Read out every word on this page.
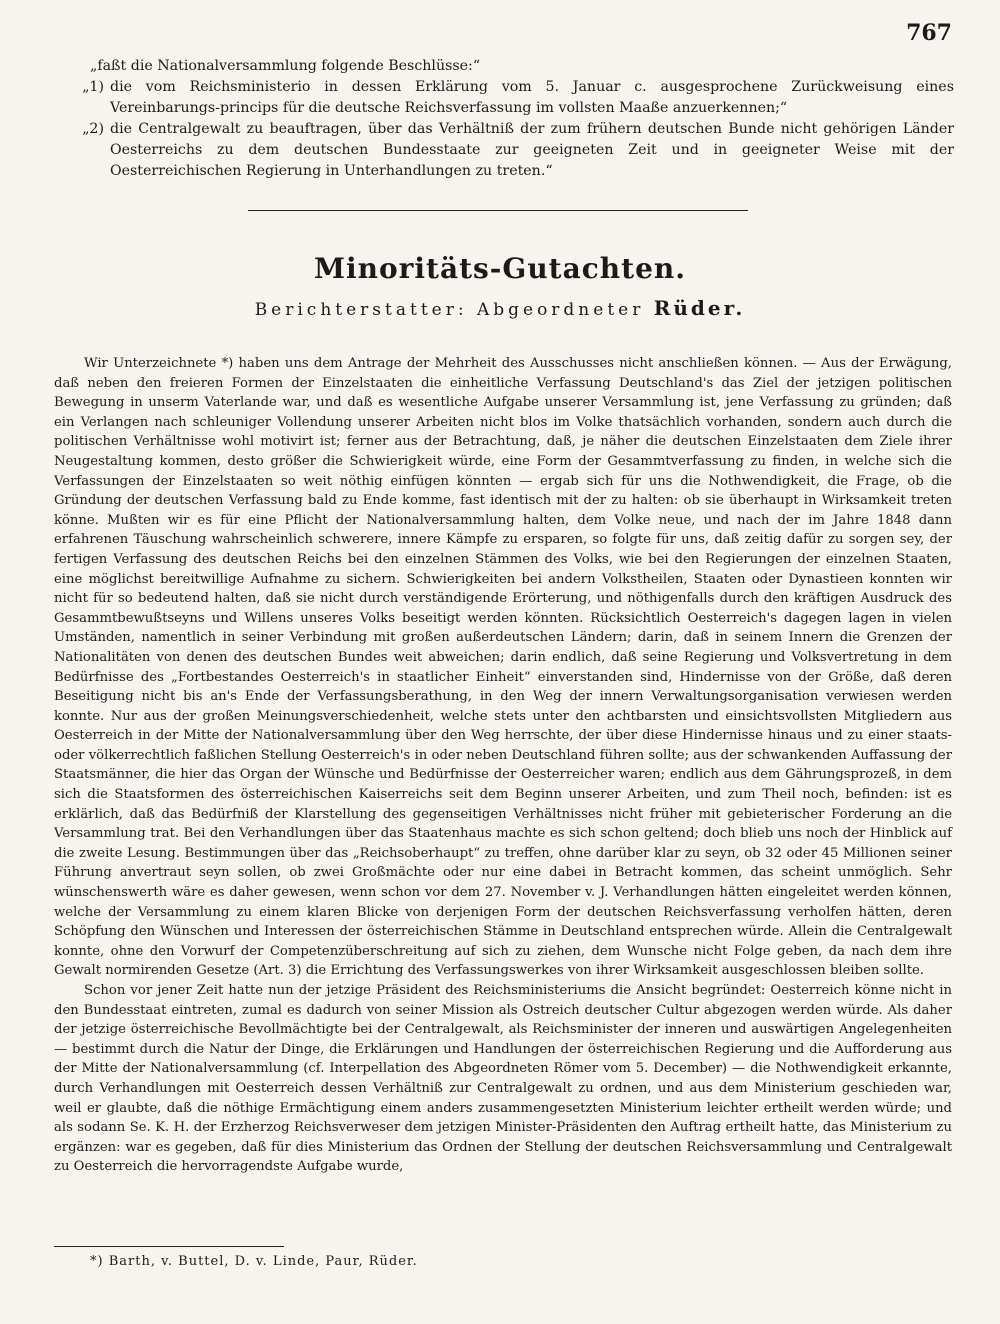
767

„faßt die Nationalversammlung folgende Beschlüsse:“

„1) die vom Reichsministerio in dessen Erklärung vom 5. Januar c. ausgesprochene Zurückweisung eines Vereinbarungs-princips für die deutsche Reichsverfassung im vollsten Maaße anzuerkennen;“
„2) die Centralgewalt zu beauftragen, über das Verhältniß der zum frühern deutschen Bunde nicht gehörigen Länder Oesterreichs zu dem deutschen Bundesstaate zur geeigneten Zeit und in geeigneter Weise mit der Oesterreichischen Regierung in Unterhandlungen zu treten.“
Minoritäts-Gutachten.
Berichterstatter: Abgeordneter Rüder.

Wir Unterzeichnete *) haben uns dem Antrage der Mehrheit des Ausschusses nicht anschließen können. — Aus der Erwägung, daß neben den freieren Formen der Einzelstaaten die einheitliche Verfassung Deutschland's das Ziel der jetzigen politischen Bewegung in unserm Vaterlande war, und daß es wesentliche Aufgabe unserer Versammlung ist, jene Verfassung zu gründen; daß ein Verlangen nach schleuniger Vollendung unserer Arbeiten nicht blos im Volke thatsächlich vorhanden, sondern auch durch die politischen Verhältnisse wohl motivirt ist; ferner aus der Betrachtung, daß, je näher die deutschen Einzelstaaten dem Ziele ihrer Neugestaltung kommen, desto größer die Schwierigkeit würde, eine Form der Gesammtverfassung zu finden, in welche sich die Verfassungen der Einzelstaaten so weit nöthig einfügen könnten — ergab sich für uns die Nothwendigkeit, die Frage, ob die Gründung der deutschen Verfassung bald zu Ende komme, fast identisch mit der zu halten: ob sie überhaupt in Wirksamkeit treten könne. Mußten wir es für eine Pflicht der Nationalversammlung halten, dem Volke neue, und nach der im Jahre 1848 dann erfahrenen Täuschung wahrscheinlich schwerere, innere Kämpfe zu ersparen, so folgte für uns, daß zeitig dafür zu sorgen sey, der fertigen Verfassung des deutschen Reichs bei den einzelnen Stämmen des Volks, wie bei den Regierungen der einzelnen Staaten, eine möglichst bereitwillige Aufnahme zu sichern. Schwierigkeiten bei andern Volkstheilen, Staaten oder Dynastieen konnten wir nicht für so bedeutend halten, daß sie nicht durch verständigende Erörterung, und nöthigenfalls durch den kräftigen Ausdruck des Gesammtbewußtseyns und Willens unseres Volks beseitigt werden könnten. Rücksichtlich Oesterreich's dagegen lagen in vielen Umständen, namentlich in seiner Verbindung mit großen außerdeutschen Ländern; darin, daß in seinem Innern die Grenzen der Nationalitäten von denen des deutschen Bundes weit abweichen; darin endlich, daß seine Regierung und Volksvertretung in dem Bedürfnisse des „Fortbestandes Oesterreich's in staatlicher Einheit“ einverstanden sind, Hindernisse von der Größe, daß deren Beseitigung nicht bis an's Ende der Verfassungsberathung, in den Weg der innern Verwaltungsorganisation verwiesen werden konnte. Nur aus der großen Meinungsverschiedenheit, welche stets unter den achtbarsten und einsichtsvollsten Mitgliedern aus Oesterreich in der Mitte der Nationalversammlung über den Weg herrschte, der über diese Hindernisse hinaus und zu einer staats- oder völkerrechtlich faßlichen Stellung Oesterreich's in oder neben Deutschland führen sollte; aus der schwankenden Auffassung der Staatsmänner, die hier das Organ der Wünsche und Bedürfnisse der Oesterreicher waren; endlich aus dem Gährungsprozeß, in dem sich die Staatsformen des österreichischen Kaiserreichs seit dem Beginn unserer Arbeiten, und zum Theil noch, befinden: ist es erklärlich, daß das Bedürfniß der Klarstellung des gegenseitigen Verhältnisses nicht früher mit gebieterischer Forderung an die Versammlung trat. Bei den Verhandlungen über das Staatenhaus machte es sich schon geltend; doch blieb uns noch der Hinblick auf die zweite Lesung. Bestimmungen über das „Reichsoberhaupt“ zu treffen, ohne darüber klar zu seyn, ob 32 oder 45 Millionen seiner Führung anvertraut seyn sollen, ob zwei Großmächte oder nur eine dabei in Betracht kommen, das scheint unmöglich. Sehr wünschenswerth wäre es daher gewesen, wenn schon vor dem 27. November v. J. Verhandlungen hätten eingeleitet werden können, welche der Versammlung zu einem klaren Blicke von derjenigen Form der deutschen Reichsverfassung verholfen hätten, deren Schöpfung den Wünschen und Interessen der österreichischen Stämme in Deutschland entsprechen würde. Allein die Centralgewalt konnte, ohne den Vorwurf der Competenzüberschreitung auf sich zu ziehen, dem Wunsche nicht Folge geben, da nach dem ihre Gewalt normirenden Gesetze (Art. 3) die Errichtung des Verfassungswerkes von ihrer Wirksamkeit ausgeschlossen bleiben sollte.

Schon vor jener Zeit hatte nun der jetzige Präsident des Reichsministeriums die Ansicht begründet: Oesterreich könne nicht in den Bundesstaat eintreten, zumal es dadurch von seiner Mission als Ostreich deutscher Cultur abgezogen werden würde. Als daher der jetzige österreichische Bevollmächtigte bei der Centralgewalt, als Reichsminister der inneren und auswärtigen Angelegenheiten — bestimmt durch die Natur der Dinge, die Erklärungen und Handlungen der österreichischen Regierung und die Aufforderung aus der Mitte der Nationalversammlung (cf. Interpellation des Abgeordneten Römer vom 5. December) — die Nothwendigkeit erkannte, durch Verhandlungen mit Oesterreich dessen Verhältniß zur Centralgewalt zu ordnen, und aus dem Ministerium geschieden war, weil er glaubte, daß die nöthige Ermächtigung einem anders zusammengesetzten Ministerium leichter ertheilt werden würde; und als sodann Se. K. H. der Erzherzog Reichsverweser dem jetzigen Minister-Präsidenten den Auftrag ertheilt hatte, das Ministerium zu ergänzen: war es gegeben, daß für dies Ministerium das Ordnen der Stellung der deutschen Reichsversammlung und Centralgewalt zu Oesterreich die hervorragendste Aufgabe wurde,

*) Barth, v. Buttel, D. v. Linde, Paur, Rüder.
